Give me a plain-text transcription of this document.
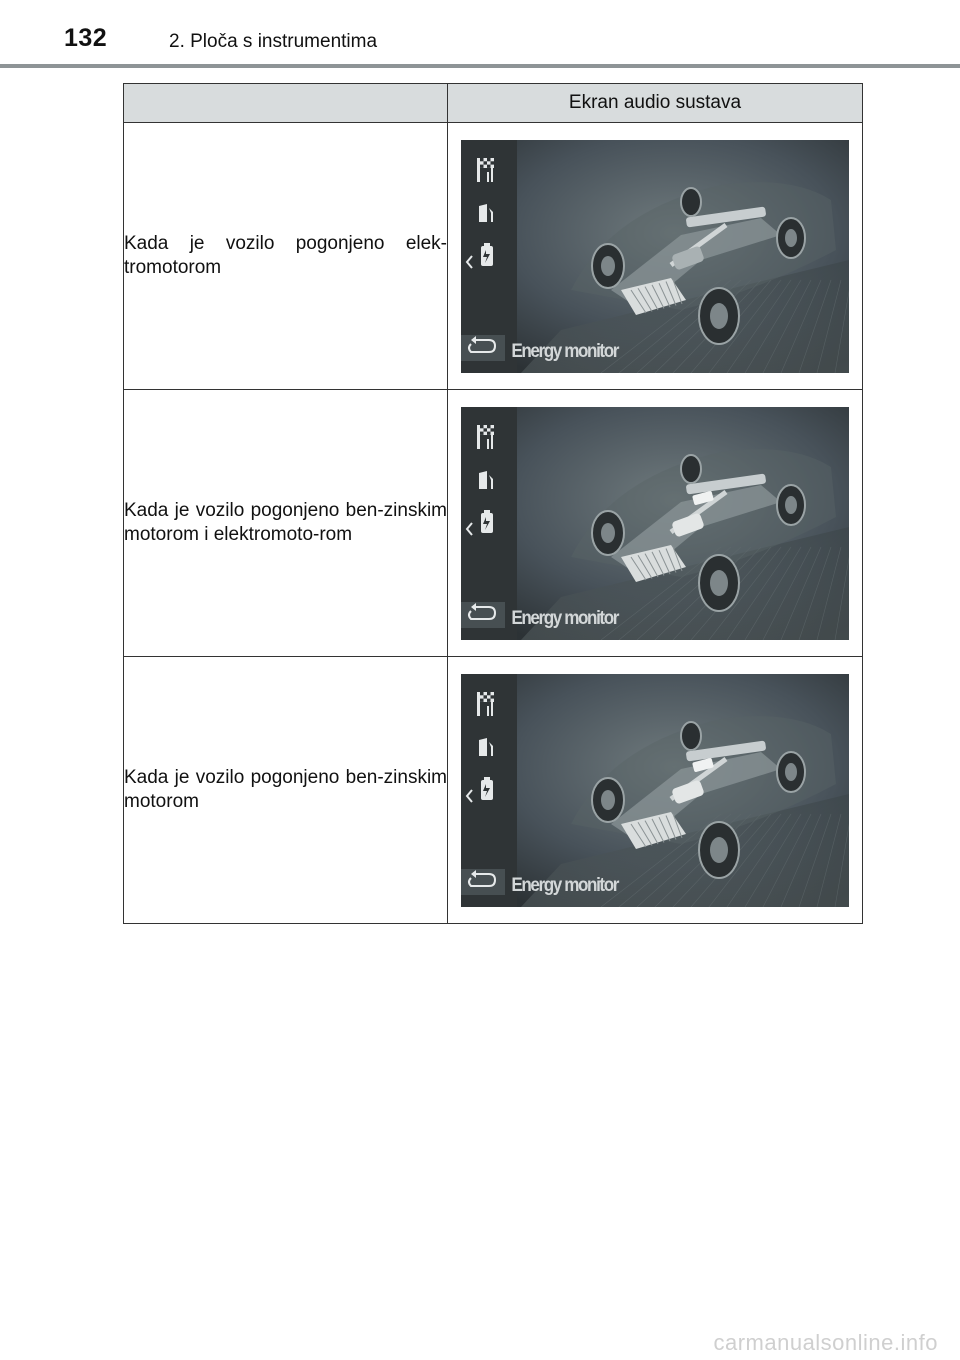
132	2. Ploča s instrumentima
	Ekran audio sustava
Kada je vozilo pogonjeno elek-tromotorom	Energy monitor

Kada je vozilo pogonjeno ben-zinskim motorom i elektromoto-rom	Energy monitor

Kada je vozilo pogonjeno ben-zinskim motorom	Energy monitor
carmanualsonline.info
